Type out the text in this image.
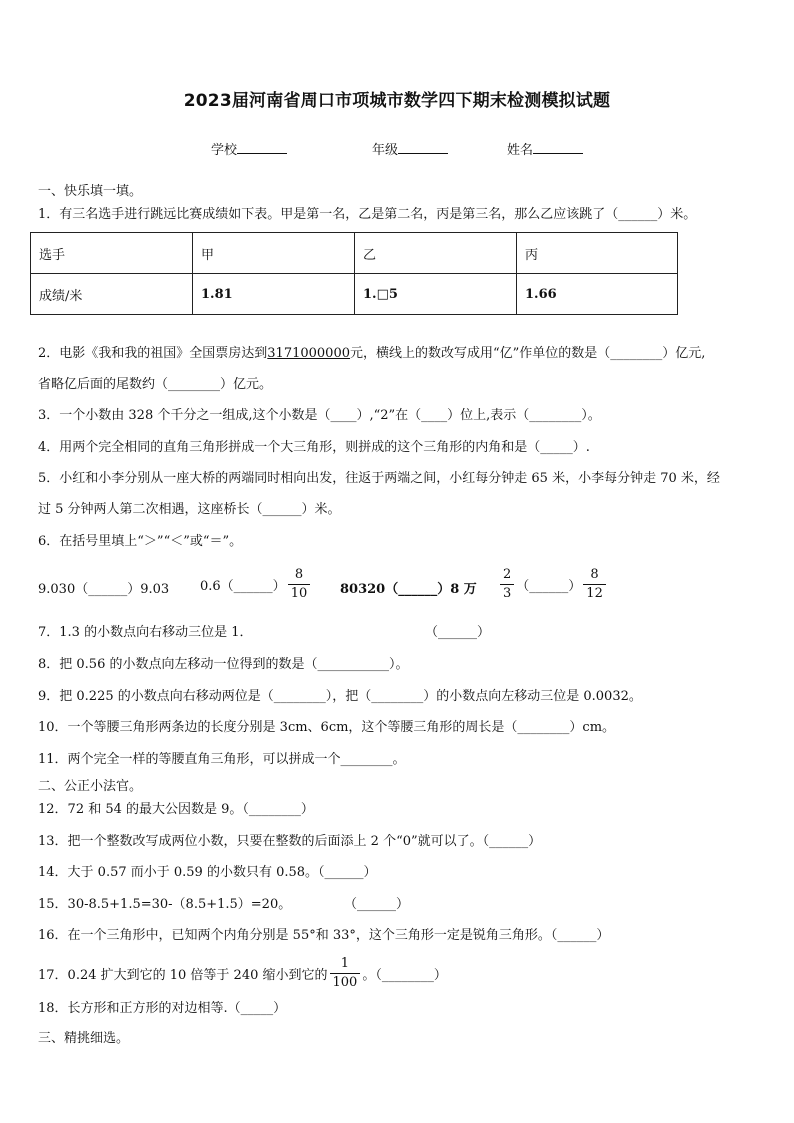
2023届河南省周口市项城市数学四下期末检测模拟试题
学校	年级	姓名
一、快乐填一填。
1．有三名选手进行跳远比赛成绩如下表。甲是第一名，乙是第二名，丙是第三名，那么乙应该跳了（______）米。
选手	甲	乙	丙
成绩/米	1.81	1.□5	1.66
2．电影《我和我的祖国》全国票房达到3171000000元，横线上的数改写成用“亿”作单位的数是（________）亿元,
省略亿后面的尾数约（________）亿元。
3．一个小数由 328 个千分之一组成,这个小数是（____）,“2”在（____）位上,表示（________）。
4．用两个完全相同的直角三角形拼成一个大三角形，则拼成的这个三角形的内角和是（_____）.
5．小红和小李分别从一座大桥的两端同时相向出发，往返于两端之间，小红每分钟走 65 米，小李每分钟走 70 米，经
过 5 分钟两人第二次相遇，这座桥长（______）米。
6．在括号里填上“＞”“＜”或“＝”。
9.030（______）9.03 0.6（______） $\frac{8}{10}$ 80320（______）8 万 $\frac{2}{3}$ （______） $\frac{8}{12}$
7．1.3 的小数点向右移动三位是 1．	（______）
8．把 0.56 的小数点向左移动一位得到的数是（___________）。
9．把 0.225 的小数点向右移动两位是（________），把（________）的小数点向左移动三位是 0.0032。
10．一个等腰三角形两条边的长度分别是 3cm、6cm，这个等腰三角形的周长是（________）cm。
11．两个完全一样的等腰直角三角形，可以拼成一个________。
二、公正小法官。
12．72 和 54 的最大公因数是 9。（________）
13．把一个整数改写成两位小数，只要在整数的后面添上 2 个“0”就可以了。（______）
14．大于 0.57 而小于 0.59 的小数只有 0.58。（______）
15．30-8.5+1.5=30-（8.5+1.5）=20。	（______）
16．在一个三角形中，已知两个内角分别是 55°和 33°，这个三角形一定是锐角三角形。（______）
17．0.24 扩大到它的 10 倍等于 240 缩小到它的 $\frac{1}{100}$ 。（________）
18．长方形和正方形的对边相等.（_____）
三、精挑细选。
